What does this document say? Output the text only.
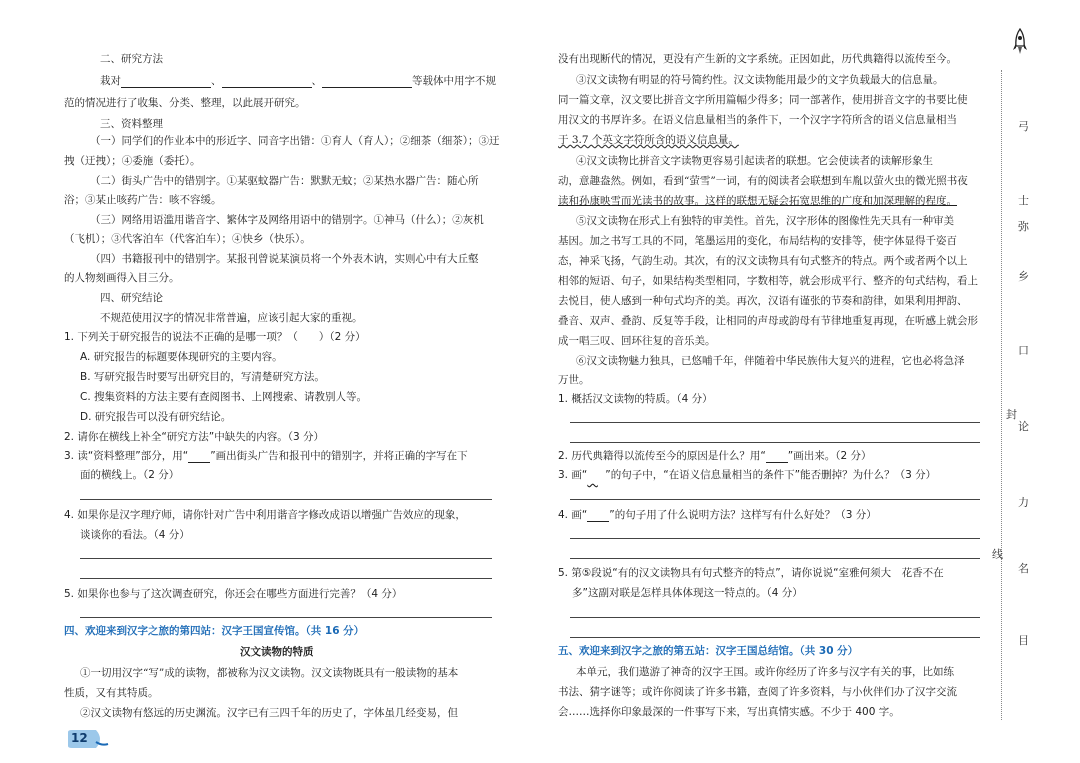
二、研究方法
栽对	、	、	等载体中用字不规
范的情况进行了收集、分类、整理，以此展开研究。
三、资料整理
（一）同学们的作业本中的形近字、同音字出错：①育人（育人）；②细茶（细茶）；③迂
拽（迂拽）；④委施（委托）。
（二）街头广告中的错别字。①某驱蚊器广告：默默无蚊；②某热水器广告：随心所
浴；③某止咳药广告：咳不容缓。
（三）网络用语滥用谐音字、繁体字及网络用语中的错别字。①神马（什么）；②灰机
（飞机）；③代客泊车（代客泊车）；④快乡（快乐）。
（四）书籍报刊中的错别字。某报刊曾说某演员将一个外表木讷，实则心中有大丘壑
的人物刻画得入目三分。
四、研究结论
不规范使用汉字的情况非常普遍，应该引起大家的重视。
1. 下列关于研究报告的说法不正确的是哪一项？（　　）（2 分）
A. 研究报告的标题要体现研究的主要内容。
B. 写研究报告时要写出研究目的，写清楚研究方法。
C. 搜集资料的方法主要有查阅图书、上网搜索、请教别人等。
D. 研究报告可以没有研究结论。
2. 请你在横线上补全“研究方法”中缺失的内容。（3 分）
3. 读“资料整理”部分，用“ ”画出街头广告和报刊中的错别字，并将正确的字写在下
面的横线上。（2 分）
4. 如果你是汉字理疗师，请你针对广告中利用谐音字修改成语以增强广告效应的现象，
谈谈你的看法。（4 分）
5. 如果你也参与了这次调查研究，你还会在哪些方面进行完善？（4 分）
四、欢迎来到汉字之旅的第四站：汉字王国宣传馆。（共 16 分）
汉文读物的特质
①一切用汉字“写”成的读物，都被称为汉文读物。汉文读物既具有一般读物的基本
性质，又有其特质。
②汉文读物有悠远的历史渊流。汉字已有三四千年的历史了，字体虽几经变易，但
12
没有出现断代的情况，更没有产生新的文字系统。正因如此，历代典籍得以流传至今。
③汉文读物有明显的符号简约性。汉文读物能用最少的文字负载最大的信息量。
同一篇文章，汉文要比拼音文字所用篇幅少得多；同一部著作，使用拼音文字的书要比使
用汉文的书厚许多。在语义信息量相当的条件下，一个汉字字符所含的语义信息量相当
于 3.7 个英文字符所含的语义信息量。
④汉文读物比拼音文字读物更容易引起读者的联想。它会使读者的读解形象生
动，意趣盎然。例如，看到“萤雪”一词，有的阅读者会联想到车胤以萤火虫的微光照书夜
读和孙康映雪而光读书的故事。这样的联想无疑会拓宽思维的广度和加深理解的程度。
⑤汉文读物在形式上有独特的审美性。首先，汉字形体的图像性先天具有一种审美
基因。加之书写工具的不同，笔墨运用的变化，布局结构的安排等，使字体显得千姿百
态，神采飞扬，气韵生动。其次，有的汉文读物具有句式整齐的特点。两个或者两个以上
相邻的短语、句子，如果结构类型相同，字数相等，就会形成平行、整齐的句式结构，看上
去悦目，使人感到一种句式均齐的美。再次，汉语有谨张的节奏和韵律，如果利用押韵、
叠音、双声、叠韵、反复等手段，让相同的声母或韵母有节律地重复再现，在听感上就会形
成一唱三叹、回环往复的音乐美。
⑥汉文读物魅力独具，已悠哺千年，伴随着中华民族伟大复兴的进程，它也必将急泽
万世。
1. 概括汉文读物的特质。（4 分）
2. 历代典籍得以流传至今的原因是什么？用“ ”画出来。（2 分）
3. 画“　 ”的句子中，“在语义信息量相当的条件下”能否删掉？为什么？（3 分）
4. 画“ ”的句子用了什么说明方法？这样写有什么好处？（3 分）
5. 第⑤段说“有的汉文读物具有句式整齐的特点”，请你说说“室雅何须大　花香不在
多”这副对联是怎样具体体现这一特点的。（4 分）
五、欢迎来到汉字之旅的第五站：汉字王国总结馆。（共 30 分）
本单元，我们遨游了神奇的汉字王国。或许你经历了许多与汉字有关的事，比如练
书法、猜字谜等；或许你阅读了许多书籍，查阅了许多资料，与小伙伴们办了汉字交流
会……选择你印象最深的一件事写下来，写出真情实感。不少于 400 字。
弓
士
弥
乡
口
封
论
力
线
名
目
